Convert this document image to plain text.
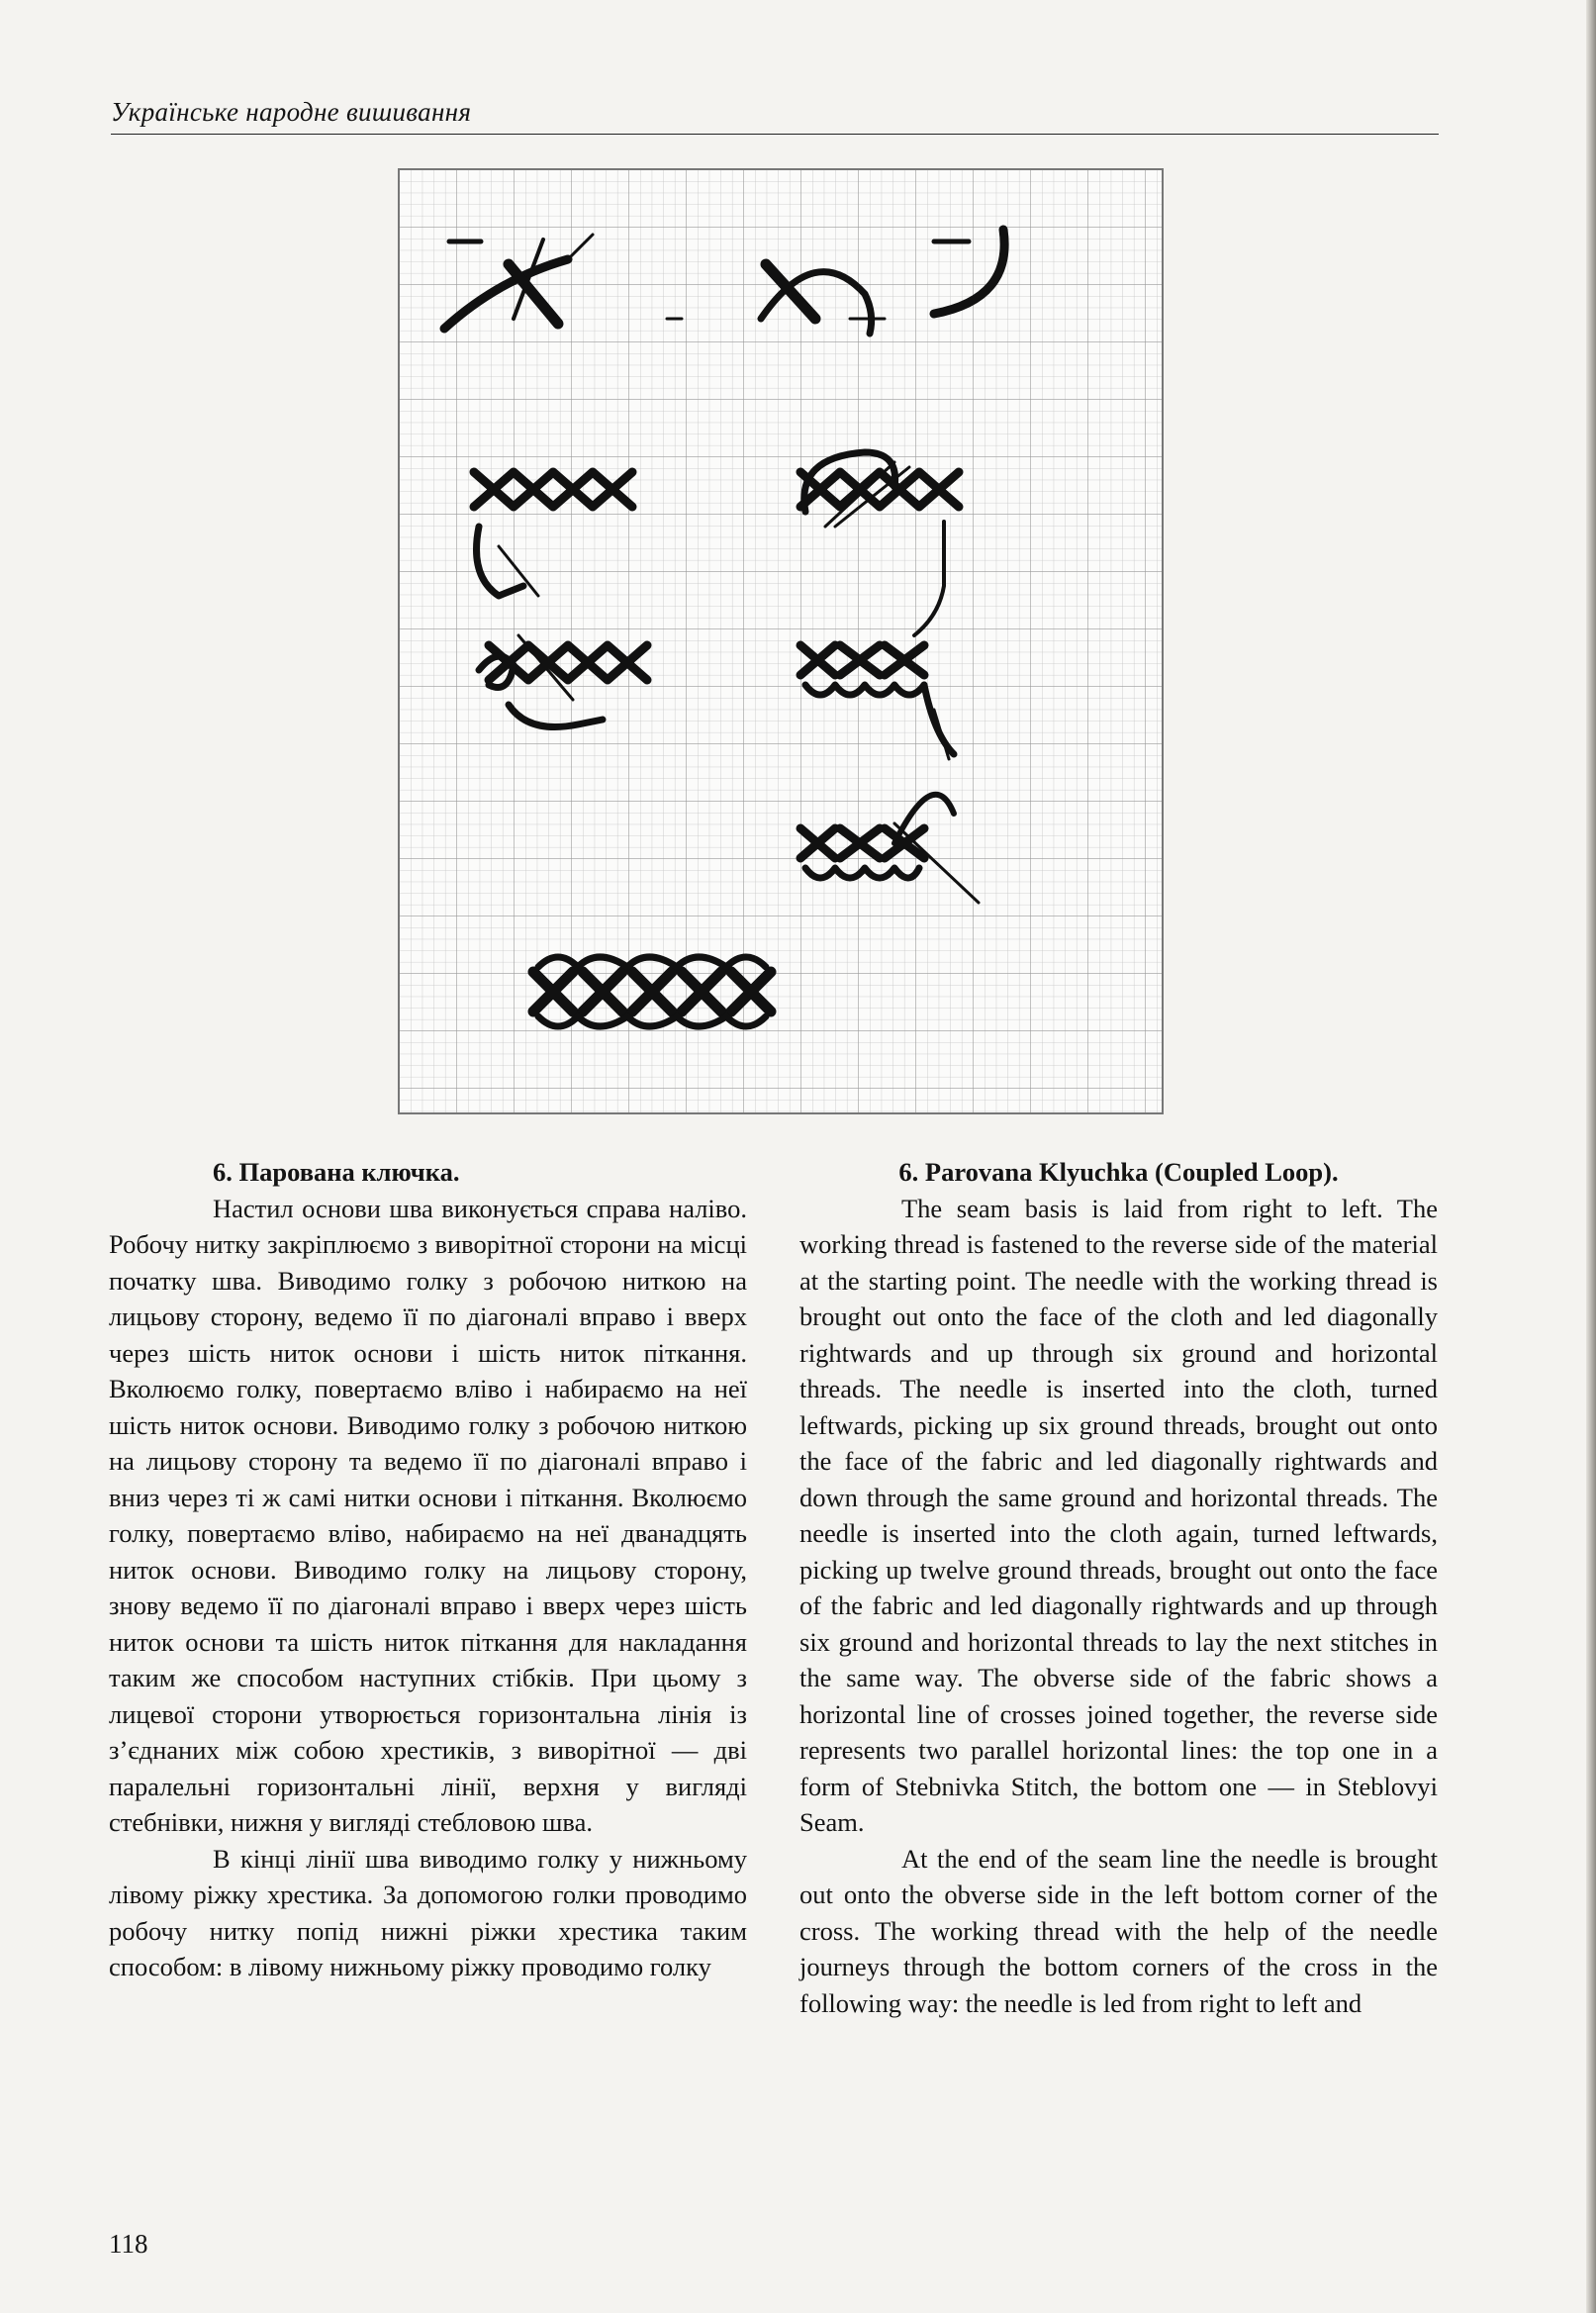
Українське народне вишивання

6. Парована ключка.

Настил основи шва виконується справа наліво. Робочу нитку закріплюємо з виворітної сторони на місці початку шва. Виводимо голку з робочою ниткою на лицьову сторону, ведемо її по діагоналі вправо і вверх через шість ниток основи і шість ниток піткання. Вколюємо голку, повертаємо вліво і набираємо на неї шість ниток основи. Виводимо голку з робочою ниткою на лицьову сторону та ведемо її по діагоналі вправо і вниз через ті ж самі нитки основи і піткання. Вколюємо голку, повертаємо вліво, набираємо на неї дванадцять ниток основи. Виводимо голку на лицьову сторону, знову ведемо її по діагоналі вправо і вверх через шість ниток основи та шість ниток піткання для накладання таким же способом наступних стібків. При цьому з лицевої сторони утворюється горизонтальна лінія із з’єднаних між собою хрестиків, з виворітної — дві паралельні горизонтальні лінії, верхня у вигляді стебнівки, нижня у вигляді стебловою шва.

В кінці лінії шва виводимо голку у нижньому лівому ріжку хрестика. За допомогою голки проводимо робочу нитку попід нижні ріжки хрестика таким способом: в лівому нижньому ріжку проводимо голку

6. Parovana Klyuchka (Coupled Loop).

The seam basis is laid from right to left. The working thread is fastened to the reverse side of the material at the starting point. The needle with the working thread is brought out onto the face of the cloth and led diagonally rightwards and up through six ground and horizontal threads. The needle is inserted into the cloth, turned leftwards, picking up six ground threads, brought out onto the face of the fabric and led diagonally rightwards and down through the same ground and horizontal threads. The needle is inserted into the cloth again, turned leftwards, picking up twelve ground threads, brought out onto the face of the fabric and led diagonally rightwards and up through six ground and horizontal threads to lay the next stitches in the same way. The obverse side of the fabric shows a horizontal line of crosses joined together, the reverse side represents two parallel horizontal lines: the top one in a form of Stebnivka Stitch, the bottom one — in Steblovyi Seam.

At the end of the seam line the needle is brought out onto the obverse side in the left bottom corner of the cross. The working thread with the help of the needle journeys through the bottom corners of the cross in the following way: the needle is led from right to left and

118
